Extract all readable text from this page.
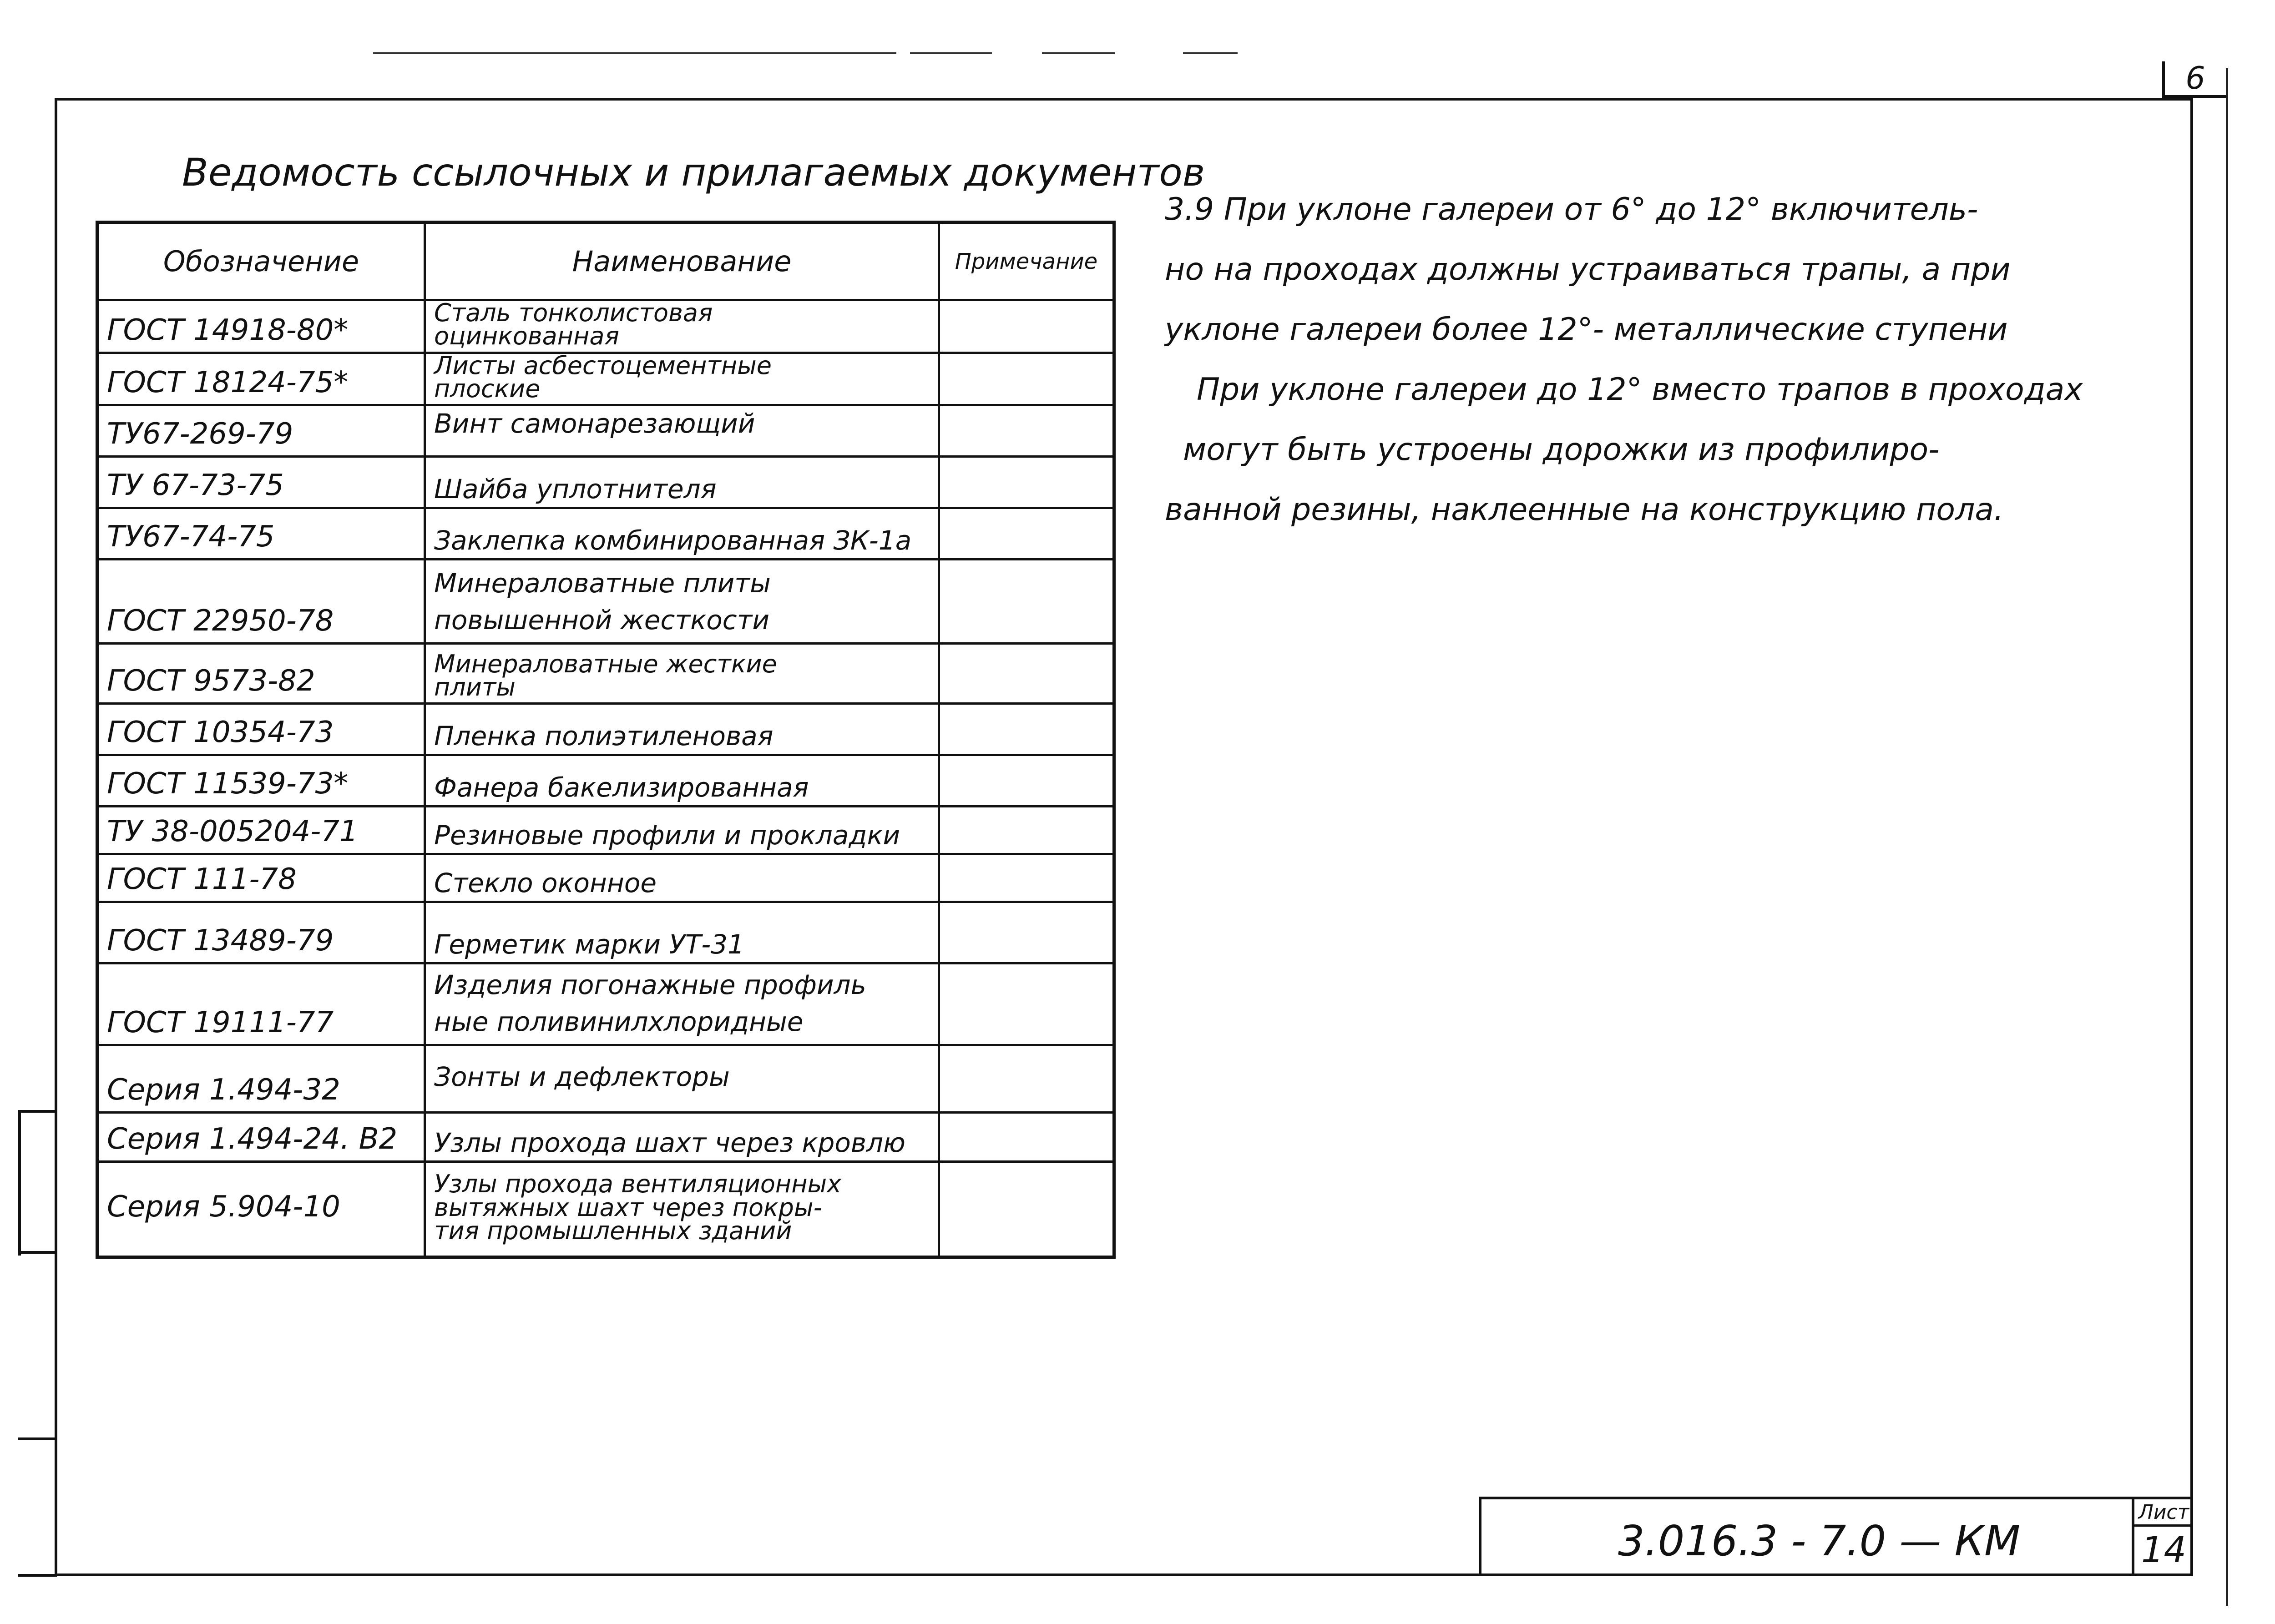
6
Ведомость ссылочных и прилагаемых документов
Обозначение	Наименование	Примечание
ГОСТ 14918-80*	Сталь тонколистовая
оцинкованная	

ГОСТ 18124-75*	Листы асбестоцементные
плоские	

ТУ67-269-79	Винт самонарезающий	

ТУ 67-73-75	Шайба уплотнителя	

ТУ67-74-75	Заклепка комбинированная ЗК-1а	

ГОСТ 22950-78	Минераловатные плиты
повышенной жесткости	

ГОСТ 9573-82	Минераловатные жесткие
плиты	

ГОСТ 10354-73	Пленка полиэтиленовая	

ГОСТ 11539-73*	Фанера бакелизированная	

ТУ 38-005204-71	Резиновые профили и прокладки	

ГОСТ 111-78	Стекло оконное	

ГОСТ 13489-79	Герметик марки УТ-31	

ГОСТ 19111-77	Изделия погонажные профиль
ные поливинилхлоридные	

Серия 1.494-32	Зонты и дефлекторы	

Серия 1.494-24. В2	Узлы прохода шахт через кровлю	

Серия 5.904-10	Узлы прохода вентиляционных
вытяжных шахт через покры-
тия промышленных зданий	

3.9 При уклоне галереи от 6° до 12° включитель-
но на проходах должны устраиваться трапы, а при
уклоне галереи более 12°- металлические ступени
При уклоне галереи до 12° вместо трапов в проходах
могут быть устроены дорожки из профилиро-
ванной резины, наклеенные на конструкцию пола.
3.016.3 - 7.0 — КМ
Лист
14
